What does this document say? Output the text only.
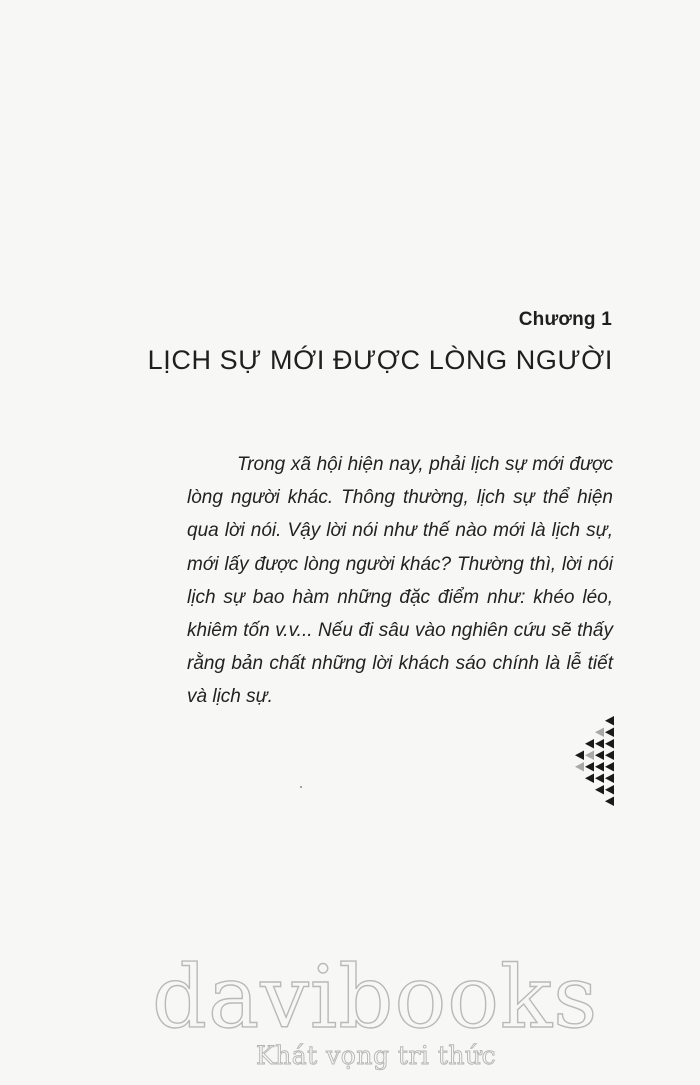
Chương 1
LỊCH SỰ MỚI ĐƯỢC LÒNG NGƯỜI
Trong xã hội hiện nay, phải lịch sự mới được
lòng người khác. Thông thường, lịch sự thể hiện
qua lời nói. Vậy lời nói như thế nào mới là lịch sự,
mới lấy được lòng người khác? Thường thì, lời nói
lịch sự bao hàm những đặc điểm như: khéo léo,
khiêm tốn v.v... Nếu đi sâu vào nghiên cứu sẽ thấy
rằng bản chất những lời khách sáo chính là lễ tiết
và lịch sự.
davibooks
Khát vọng tri thức
